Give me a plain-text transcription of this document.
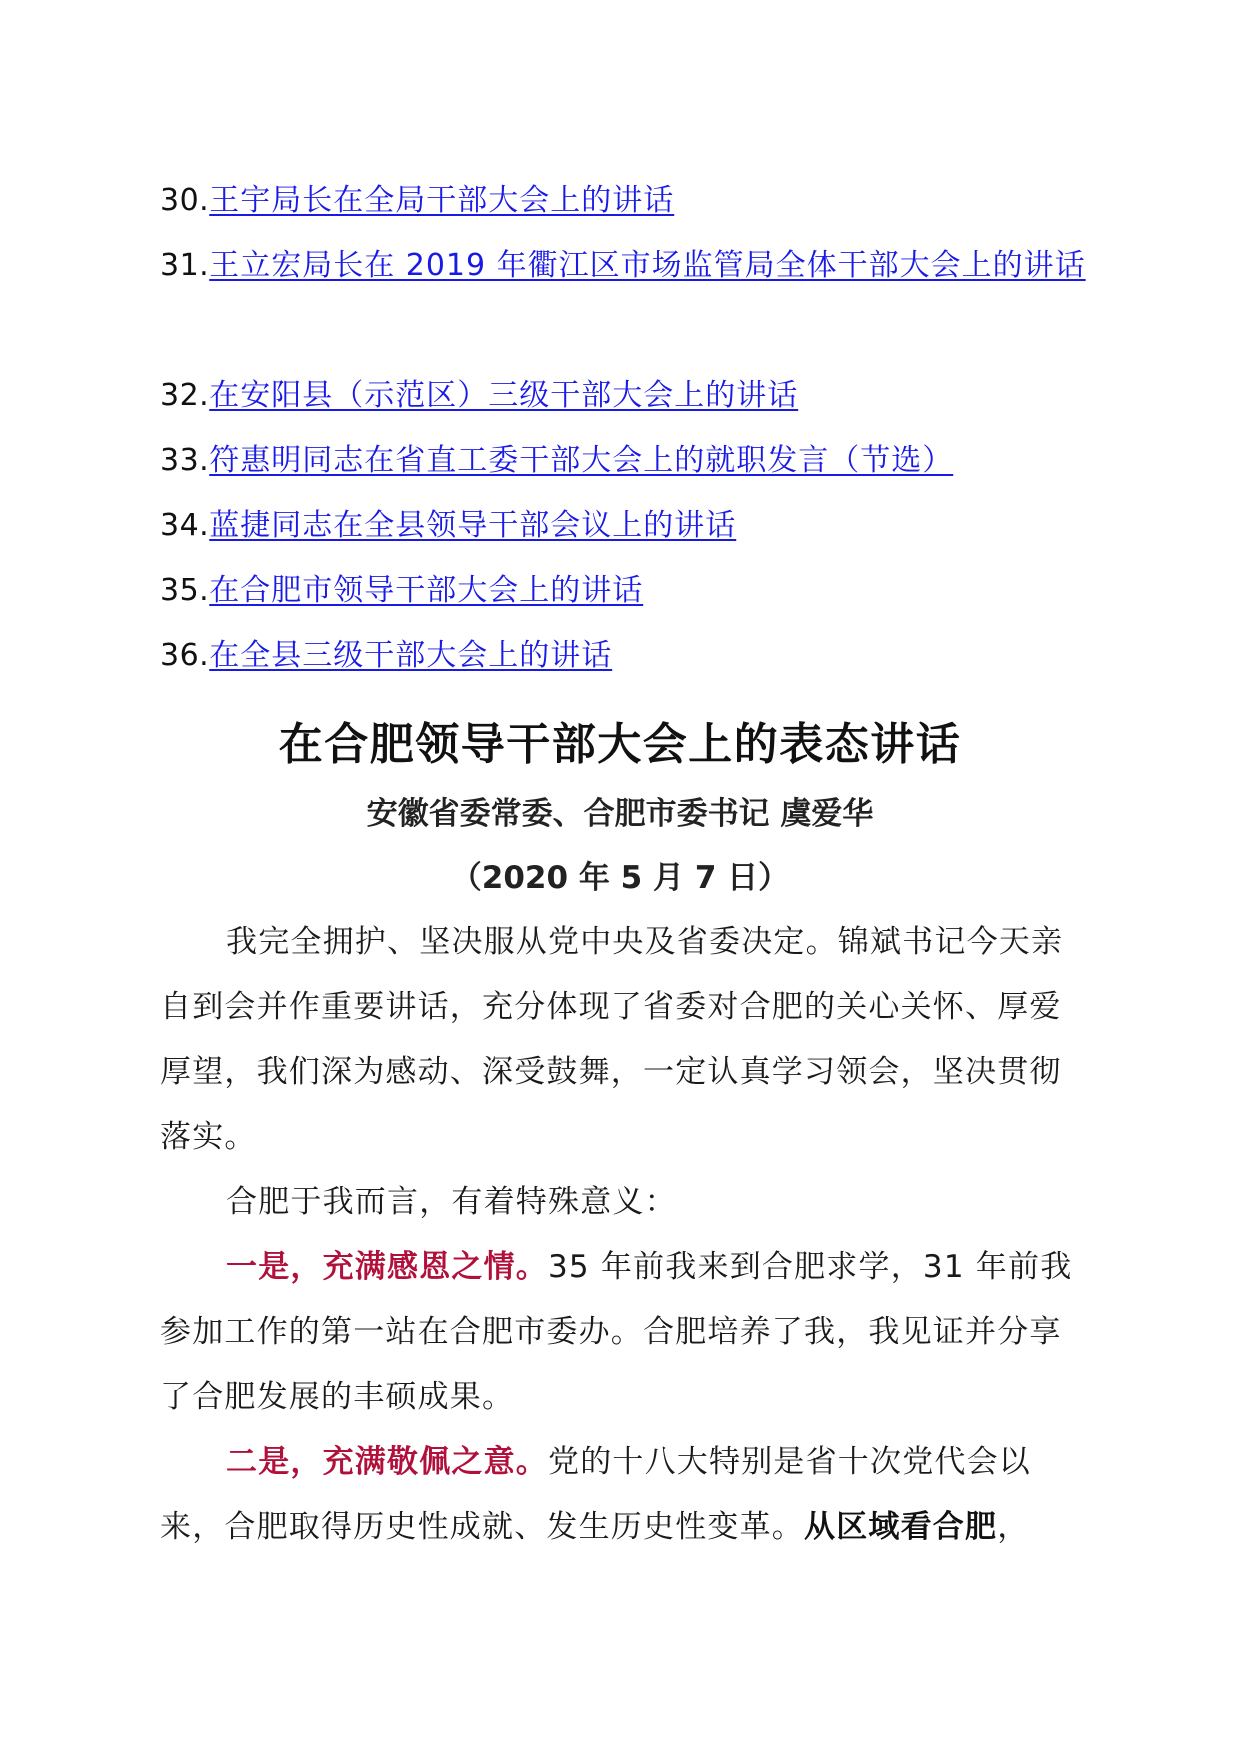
30. 王宇局长在全局干部大会上的讲话
31. 王立宏局长在 2019 年衢江区市场监管局全体干部大会上的讲话
32. 在安阳县（示范区）三级干部大会上的讲话
33. 符惠明同志在省直工委干部大会上的就职发言（节选）
34. 蓝捷同志在全县领导干部会议上的讲话
35. 在合肥市领导干部大会上的讲话
36. 在全县三级干部大会上的讲话
在合肥领导干部大会上的表态讲话
安徽省委常委、合肥市委书记 虞爱华
（2020 年 5 月 7 日）

我完全拥护、坚决服从党中央及省委决定。锦斌书记今天亲自到会并作重要讲话，充分体现了省委对合肥的关心关怀、厚爱厚望，我们深为感动、深受鼓舞，一定认真学习领会，坚决贯彻落实。

合肥于我而言，有着特殊意义：

一是，充满感恩之情。35 年前我来到合肥求学，31 年前我参加工作的第一站在合肥市委办。合肥培养了我，我见证并分享了合肥发展的丰硕成果。

二是，充满敬佩之意。党的十八大特别是省十次党代会以来，合肥取得历史性成就、发生历史性变革。从区域看合肥，
